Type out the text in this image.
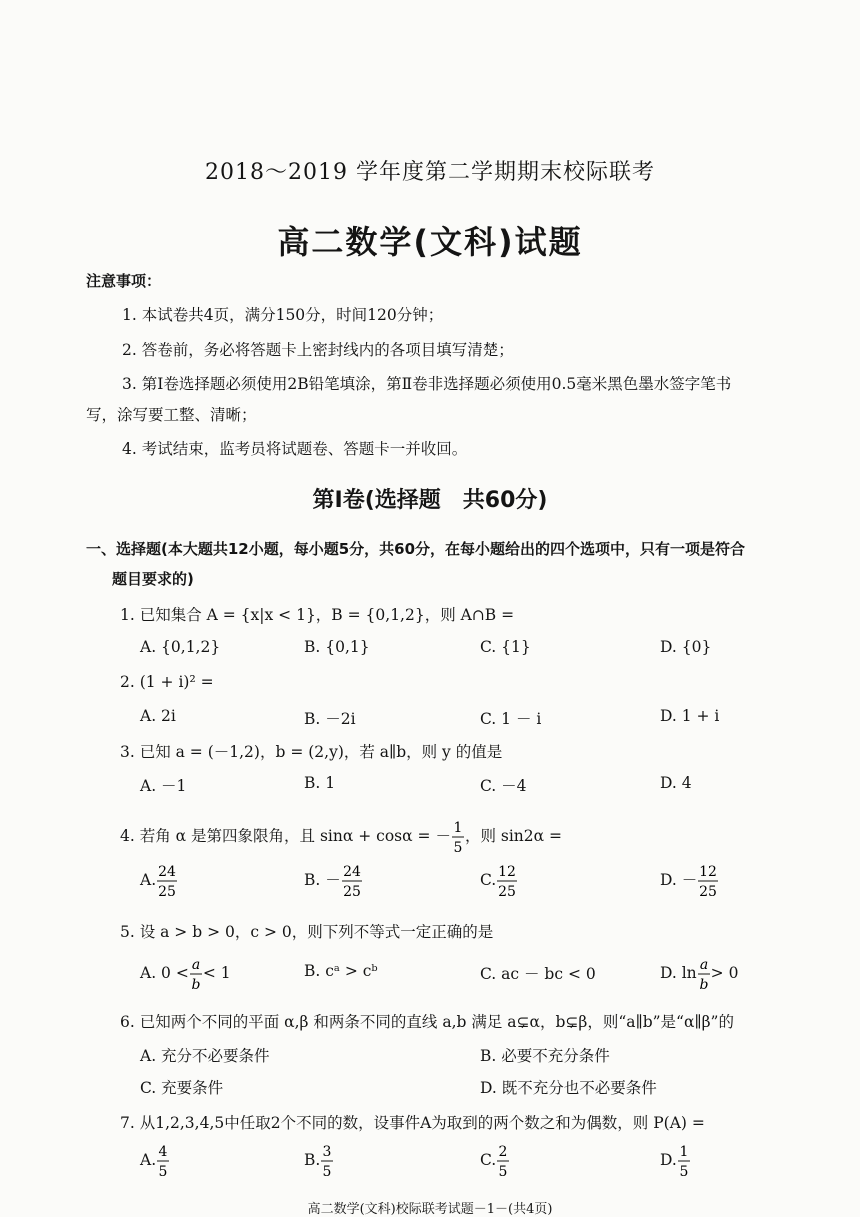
2018～2019 学年度第二学期期末校际联考
高二数学(文科)试题
注意事项：
1. 本试卷共4页，满分150分，时间120分钟；
2. 答卷前，务必将答题卡上密封线内的各项目填写清楚；
3. 第Ⅰ卷选择题必须使用2B铅笔填涂，第Ⅱ卷非选择题必须使用0.5毫米黑色墨水签字笔书
写，涂写要工整、清晰；
4. 考试结束，监考员将试题卷、答题卡一并收回。
第Ⅰ卷(选择题　共60分)
一、选择题(本大题共12小题，每小题5分，共60分，在每小题给出的四个选项中，只有一项是符合
题目要求的)
1. 已知集合 A = {x|x < 1}，B = {0,1,2}，则 A∩B =
A. {0,1,2}	B. {0,1}	C. {1}	D. {0}
2. (1 + i)² =
A. 2i	B. －2i	C. 1 － i	D. 1 + i
3. 已知 a = (－1,2)，b = (2,y)，若 a∥b，则 y 的值是
A. －1	B. 1	C. －4	D. 4
4. 若角 α 是第四象限角，且 sinα + cosα = － 1
5
，则 sin2α =
A. 24
25
B. － 24
25
C. 12
25
D. － 12
25
5. 设 a > b > 0，c > 0，则下列不等式一定正确的是
A. 0 < a
b
< 1	B. cᵃ > cᵇ	C. ac － bc < 0	D. ln a
b
> 0
6. 已知两个不同的平面 α,β 和两条不同的直线 a,b 满足 a⊊α，b⊊β，则“a∥b”是“α∥β”的
A. 充分不必要条件	B. 必要不充分条件
C. 充要条件	D. 既不充分也不必要条件
7. 从1,2,3,4,5中任取2个不同的数，设事件A为取到的两个数之和为偶数，则 P(A) =
A. 4
5
B. 3
5
C. 2
5
D. 1
5
高二数学(文科)校际联考试题－1－(共4页)
